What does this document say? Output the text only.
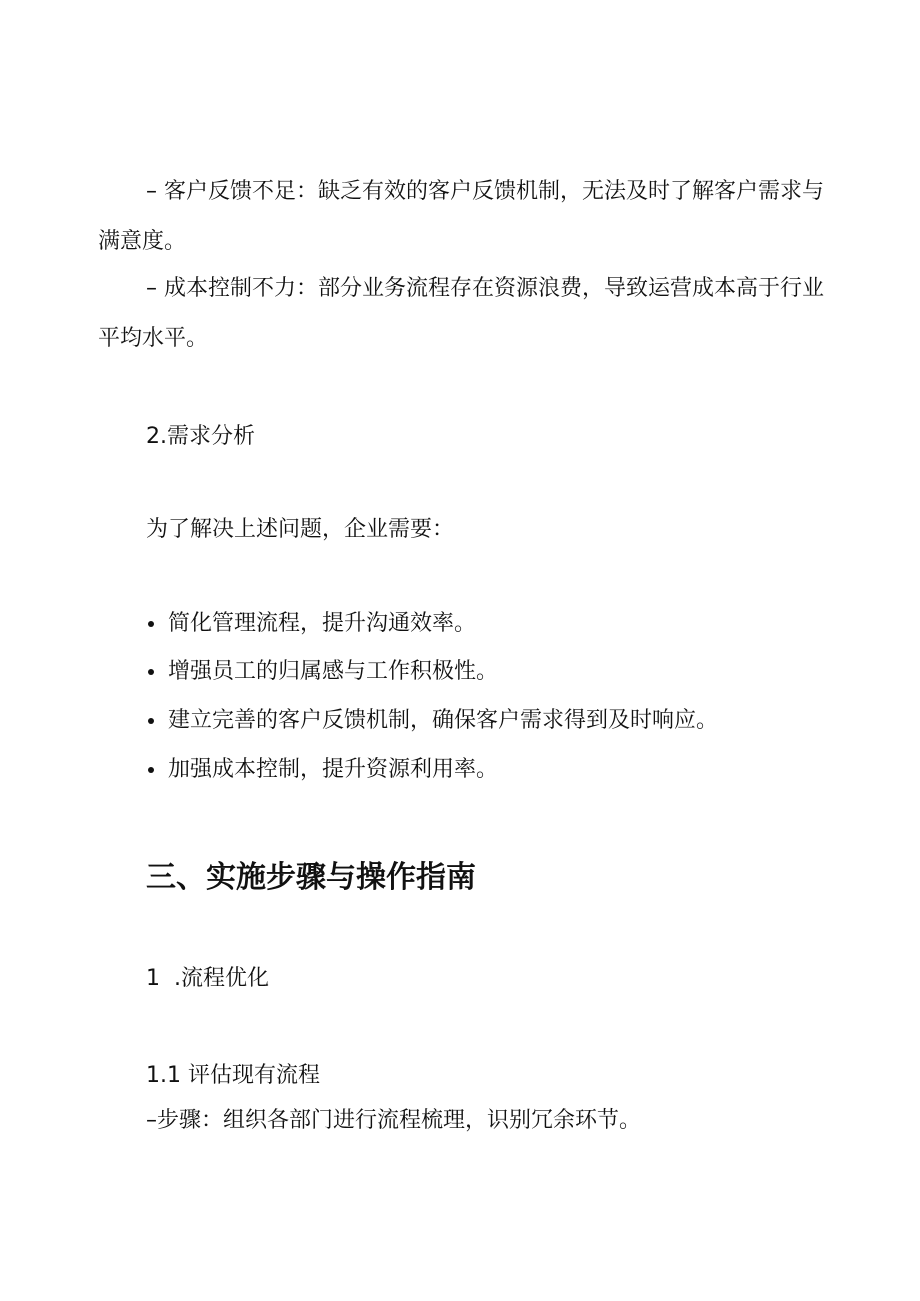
– 客户反馈不足：缺乏有效的客户反馈机制，无法及时了解客户需求与
满意度。
– 成本控制不力：部分业务流程存在资源浪费，导致运营成本高于行业
平均水平。
2.需求分析
为了解决上述问题，企业需要：
简化管理流程，提升沟通效率。
增强员工的归属感与工作积极性。
建立完善的客户反馈机制，确保客户需求得到及时响应。
加强成本控制，提升资源利用率。
三、实施步骤与操作指南
1  .流程优化
1.1 评估现有流程
–步骤：组织各部门进行流程梳理，识别冗余环节。
